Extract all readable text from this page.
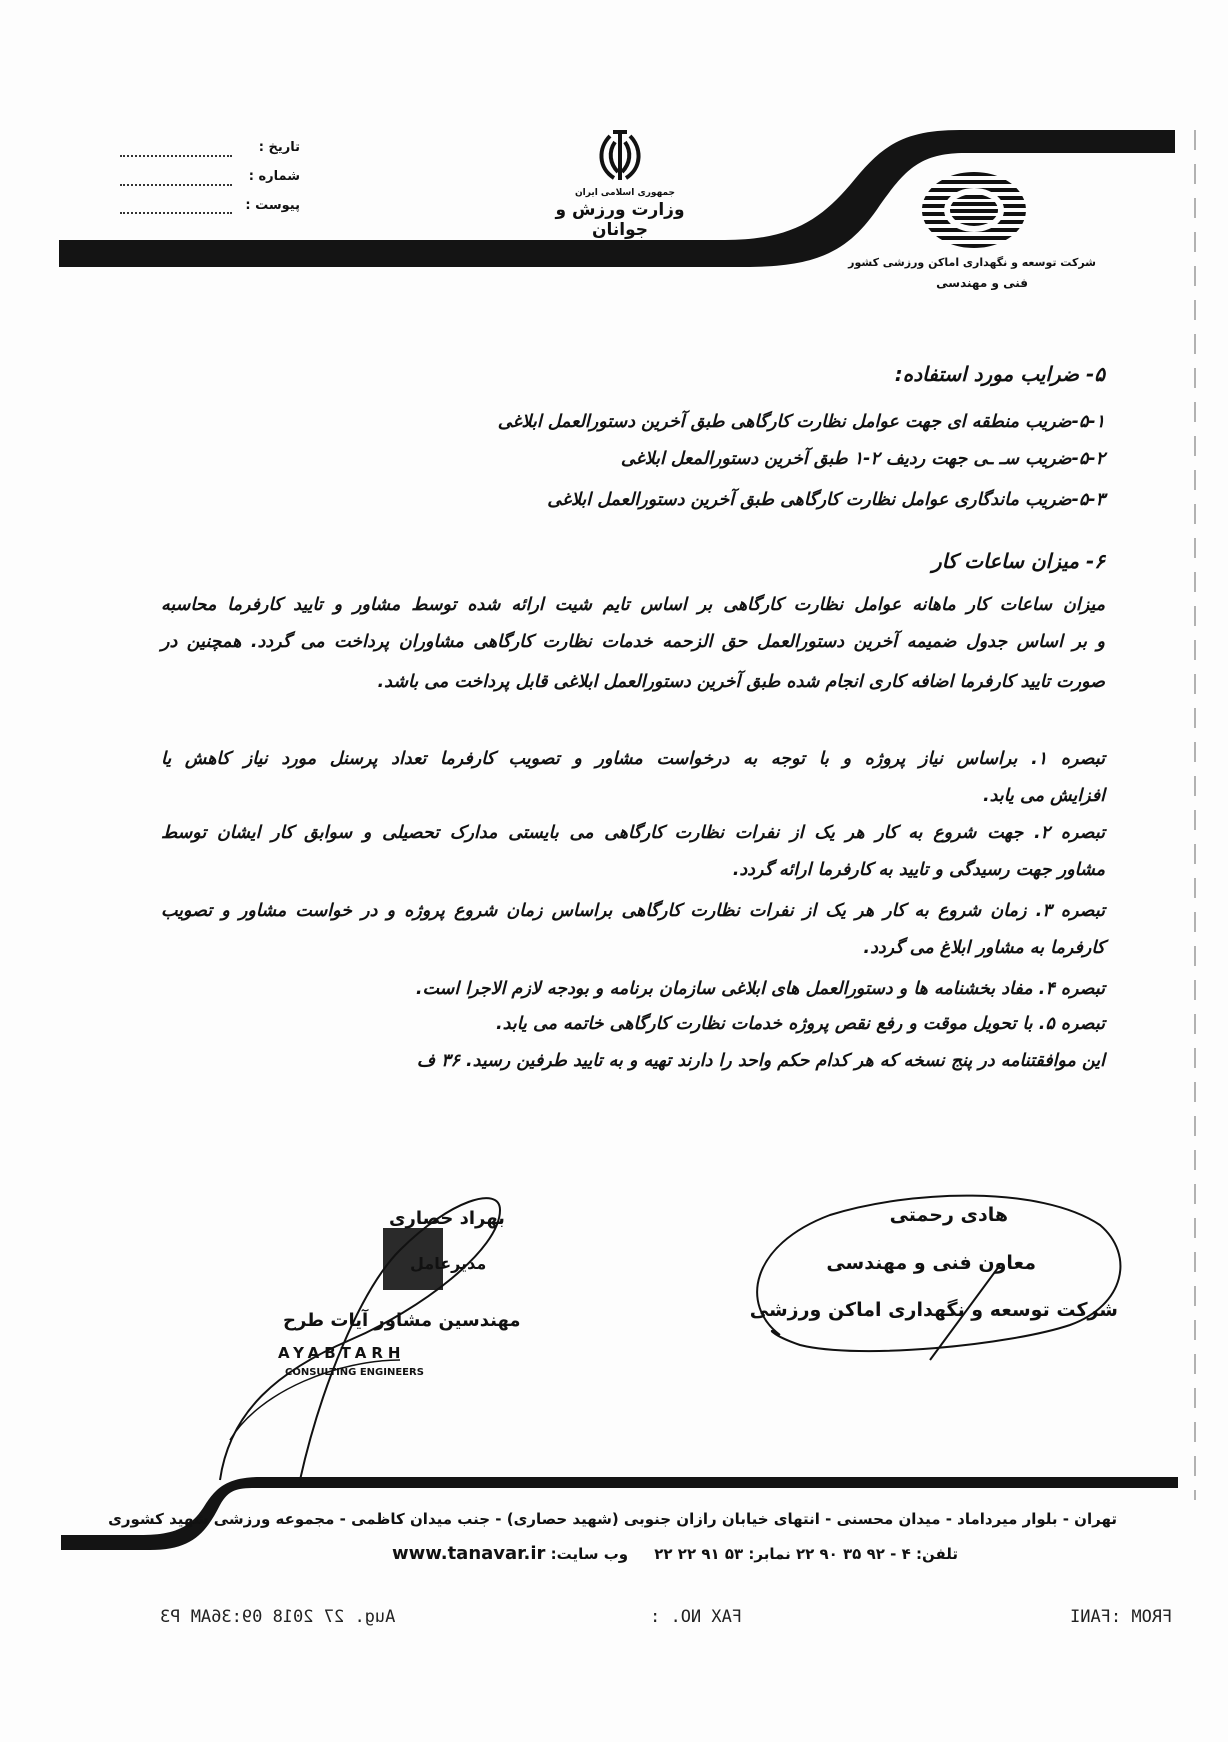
جمهوری اسلامی ایران
وزارت ورزش و جوانان
شرکت توسعه و نگهداری اماکن ورزشی کشور
فنی و مهندسی
تاریخ :
شماره :
پیوست :
۵- ضرایب مورد استفاده:
۵-۱-ضریب منطقه ای جهت عوامل نظارت کارگاهی طبق آخرین دستورالعمل ابلاغی
۵-۲-ضریب سـ ـی جهت ردیف ۲-۱ طبق آخرین دستورالمعل ابلاغی
۵-۳-ضریب ماندگاری عوامل نظارت کارگاهی طبق آخرین دستورالعمل ابلاغی
۶- میزان ساعات کار
میزان ساعات کار ماهانه عوامل نظارت کارگاهی بر اساس تایم شیت ارائه شده توسط مشاور و تایید کارفرما محاسبه
و بر اساس جدول ضمیمه آخرین دستورالعمل حق الزحمه خدمات نظارت کارگاهی مشاوران پرداخت می گردد. همچنین در
صورت تایید کارفرما اضافه کاری انجام شده طبق آخرین دستورالعمل ابلاغی قابل پرداخت می باشد.
تبصره ۱. براساس نیاز پروژه و با توجه به درخواست مشاور و تصویب کارفرما تعداد پرسنل مورد نیاز کاهش یا
افزایش می یابد.
تبصره ۲. جهت شروع به کار هر یک از نفرات نظارت کارگاهی می بایستی مدارک تحصیلی و سوابق کار ایشان توسط
مشاور جهت رسیدگی و تایید به کارفرما ارائه گردد.
تبصره ۳. زمان شروع به کار هر یک از نفرات نظارت کارگاهی براساس زمان شروع پروژه و در خواست مشاور و تصویب
کارفرما به مشاور ابلاغ می گردد.
تبصره ۴. مفاد بخشنامه ها و دستورالعمل های ابلاغی سازمان برنامه و بودجه لازم الاجرا است.
تبصره ۵. با تحویل موقت و رفع نقص پروژه خدمات نظارت کارگاهی خاتمه می یابد.
این موافقتنامه در پنج نسخه که هر کدام حکم واحد را دارند تهیه و به تایید طرفین رسید. ۳۶ ف
هادی رحمتی
معاون فنی و مهندسی
شرکت توسعه و نگهداری اماکن ورزشی
بهراد حصاری
مدیرعامل
مهندسین مشاور آیات طرح
AYABTARH
CONSULTING ENGINEERS
تهران - بلوار میرداماد - میدان محسنی - انتهای خیابان رازان جنوبی (شهید حصاری) - جنب میدان کاظمی - مجموعه ورزشی شهید کشوری
تلفن: ۴ - ۹۲ ۳۵ ۹۰ ۲۲ نمابر: ۵۳ ۹۱ ۲۲ ۲۲     وب سایت: www.tanavar.ir
FROM :FANI
FAX NO. :
Aug. 27 2018 09:36AM P3
